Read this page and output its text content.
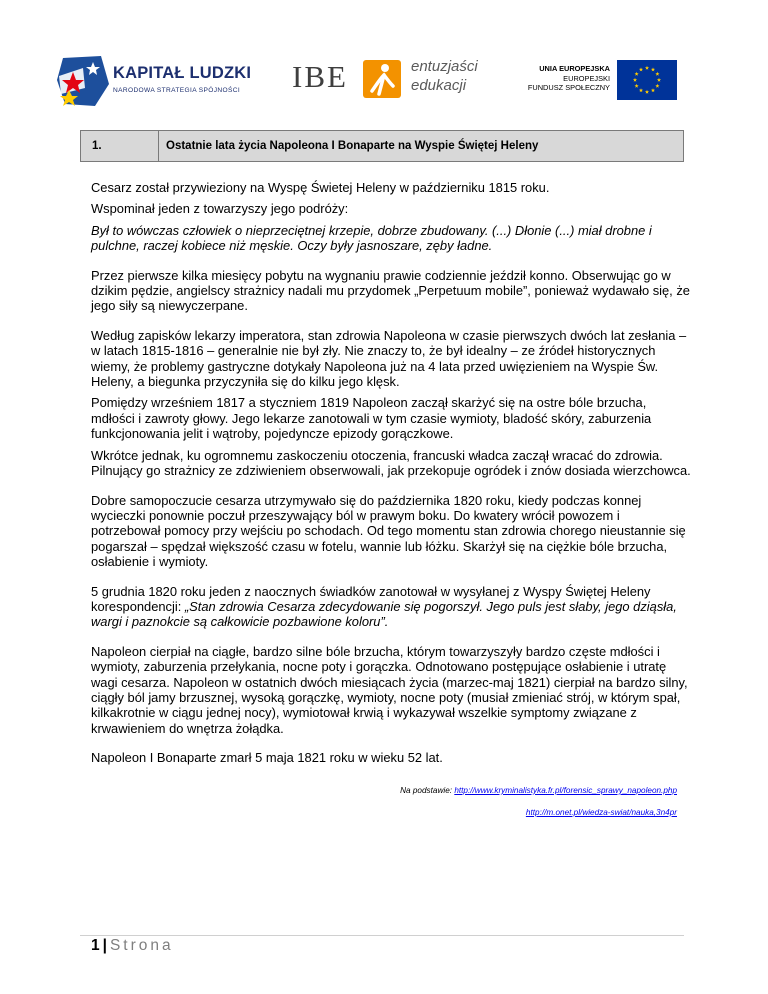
KAPITAŁ LUDZKI
NARODOWA STRATEGIA SPÓJNOŚCI IBE	entuzjaści
edukacji
UNIA EUROPEJSKA
EUROPEJSKI
FUNDUSZ SPOŁECZNY
1.	Ostatnie lata życia Napoleona I Bonaparte na Wyspie Świętej Heleny

Cesarz został przywieziony na Wyspę Świetej Heleny w październiku 1815 roku.

Wspominał jeden z towarzyszy jego podróży:

Był to wówczas człowiek o nieprzeciętnej krzepie, dobrze zbudowany. (...) Dłonie (...) miał drobne i pulchne, raczej kobiece niż męskie. Oczy były jasnoszare, zęby ładne.

Przez pierwsze kilka miesięcy pobytu na wygnaniu prawie codziennie jeździł konno. Obserwując go w dzikim pędzie, angielscy strażnicy nadali mu przydomek „Perpetuum mobile”, ponieważ wydawało się, że jego siły są niewyczerpane.

Według zapisków lekarzy imperatora, stan zdrowia Napoleona w czasie pierwszych dwóch lat zesłania – w latach 1815-1816 – generalnie nie był zły. Nie znaczy to, że był idealny – ze źródeł historycznych wiemy, że problemy gastryczne dotykały Napoleona już na 4 lata przed uwięzieniem na Wyspie Św. Heleny, a biegunka przyczyniła się do kilku jego klęsk.

Pomiędzy wrześniem 1817 a styczniem 1819 Napoleon zaczął skarżyć się na ostre bóle brzucha, mdłości i zawroty głowy. Jego lekarze zanotowali w tym czasie wymioty, bladość skóry, zaburzenia funkcjonowania jelit i wątroby, pojedyncze epizody gorączkowe.

Wkrótce jednak, ku ogromnemu zaskoczeniu otoczenia, francuski władca zaczął wracać do zdrowia. Pilnujący go strażnicy ze zdziwieniem obserwowali, jak przekopuje ogródek i znów dosiada wierzchowca.

Dobre samopoczucie cesarza utrzymywało się do października 1820 roku, kiedy podczas konnej wycieczki ponownie poczuł przeszywający ból w prawym boku. Do kwatery wrócił powozem i potrzebował pomocy przy wejściu po schodach. Od tego momentu stan zdrowia chorego nieustannie się pogarszał – spędzał większość czasu w fotelu, wannie lub łóżku. Skarżył się na ciężkie bóle brzucha, osłabienie i wymioty.

5 grudnia 1820 roku jeden z naocznych świadków zanotował w wysyłanej z Wyspy Świętej Heleny korespondencji: „Stan zdrowia Cesarza zdecydowanie się pogorszył. Jego puls jest słaby, jego dziąsła, wargi i paznokcie są całkowicie pozbawione koloru”.

Napoleon cierpiał na ciągłe, bardzo silne bóle brzucha, którym towarzyszyły bardzo częste mdłości i wymioty, zaburzenia przełykania, nocne poty i gorączka. Odnotowano postępujące osłabienie i utratę wagi cesarza. Napoleon w ostatnich dwóch miesiącach życia (marzec-maj 1821) cierpiał na bardzo silny, ciągły ból jamy brzusznej, wysoką gorączkę, wymioty, nocne poty (musiał zmieniać strój, w którym spał, kilkakrotnie w ciągu jednej nocy), wymiotował krwią i wykazywał wszelkie symptomy związane z krwawieniem do wnętrza żołądka.

Napoleon I Bonaparte zmarł 5 maja 1821 roku w wieku 52 lat.

Na podstawie: http://www.kryminalistyka.fr.pl/forensic_sprawy_napoleon.php
http://m.onet.pl/wiedza-swiat/nauka,3n4pr
1 | Strona
